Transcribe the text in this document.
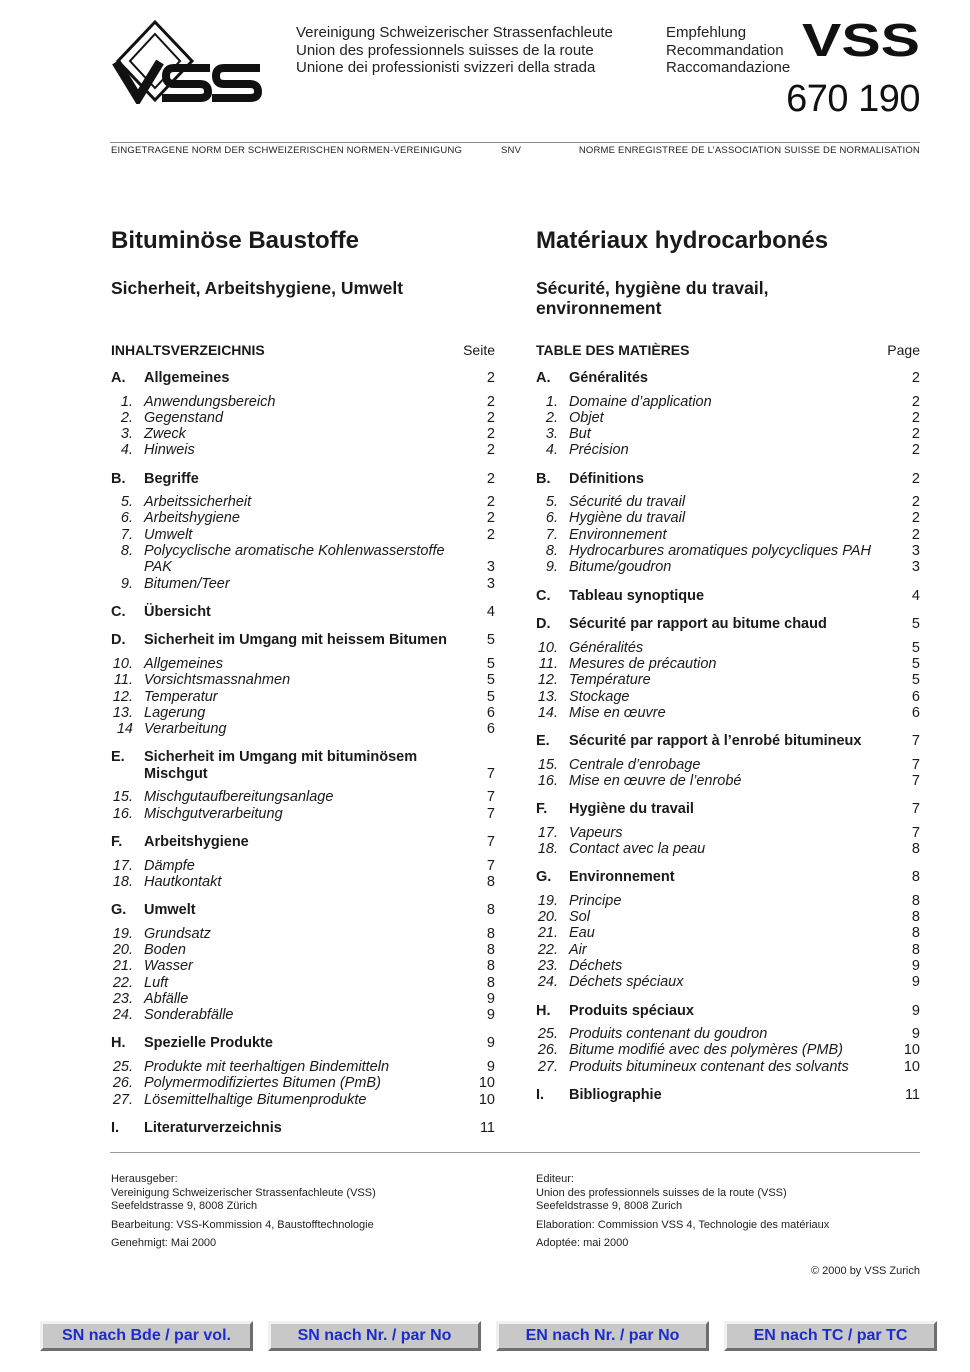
Vereinigung Schweizerischer Strassenfachleute
Union des professionnels suisses de la route
Unione dei professionisti svizzeri della strada
Empfehlung
Recommandation
Raccomandazione
VSS
670 190
EINGETRAGENE NORM DER SCHWEIZERISCHEN NORMEN-VEREINIGUNG	SNV	NORME ENREGISTREE DE L’ASSOCIATION SUISSE DE NORMALISATION
Bituminöse Baustoffe
Sicherheit, Arbeitshygiene, Umwelt
Matériaux hydrocarbonés
Sécurité, hygiène du travail,
environnement
INHALTSVERZEICHNIS	Seite	TABLE DES MATIÈRES	Page
A.	Allgemeines	2
1. Anwendungsbereich	2
2. Gegenstand	2
3. Zweck	2
4. Hinweis	2
B.	Begriffe	2
5. Arbeitssicherheit	2
6. Arbeitshygiene	2
7. Umwelt	2
8. Polycyclische aromatische Kohlenwasserstoffe PAK	3
9. Bitumen/Teer	3
C.	Übersicht	4
D.	Sicherheit im Umgang mit heissem Bitumen	5
10. Allgemeines	5
11. Vorsichtsmassnahmen	5
12. Temperatur	5
13. Lagerung	6
14 Verarbeitung	6
E.	Sicherheit im Umgang mit bituminösem Mischgut	7
15. Mischgutaufbereitungsanlage	7
16. Mischgutverarbeitung	7
F.	Arbeitshygiene	7
17. Dämpfe	7
18. Hautkontakt	8
G.	Umwelt	8
19. Grundsatz	8
20. Boden	8
21. Wasser	8
22. Luft	8
23. Abfälle	9
24. Sonderabfälle	9
H.	Spezielle Produkte	9
25. Produkte mit teerhaltigen Bindemitteln	9
26. Polymermodifiziertes Bitumen (PmB)	10
27. Lösemittelhaltige Bitumenprodukte	10
I.	Literaturverzeichnis	11
A.	Généralités	2
1. Domaine d’application	2
2. Objet	2
3. But	2
4. Précision	2
B.	Définitions	2
5. Sécurité du travail	2
6. Hygiène du travail	2
7. Environnement	2
8. Hydrocarbures aromatiques polycycliques PAH	3
9. Bitume/goudron	3
C.	Tableau synoptique	4
D.	Sécurité par rapport au bitume chaud	5
10. Généralités	5
11. Mesures de précaution	5
12. Température	5
13. Stockage	6
14. Mise en œuvre	6
E.	Sécurité par rapport à l’enrobé bitumineux	7
15. Centrale d’enrobage	7
16. Mise en œuvre de l’enrobé	7
F.	Hygiène du travail	7
17. Vapeurs	7
18. Contact avec la peau	8
G.	Environnement	8
19. Principe	8
20. Sol	8
21. Eau	8
22. Air	8
23. Déchets	9
24. Déchets spéciaux	9
H.	Produits spéciaux	9
25. Produits contenant du goudron	9
26. Bitume modifié avec des polymères (PMB)	10
27. Produits bitumineux contenant des solvants	10
I.	Bibliographie	11

Herausgeber:
Vereinigung Schweizerischer Strassenfachleute (VSS)
Seefeldstrasse 9, 8008 Zürich

Bearbeitung: VSS-Kommission 4, Baustofftechnologie

Genehmigt: Mai 2000

Editeur:
Union des professionnels suisses de la route (VSS)
Seefeldstrasse 9, 8008 Zurich

Elaboration: Commission VSS 4, Technologie des matériaux

Adoptée: mai 2000

© 2000 by VSS Zurich
SN nach Bde / par vol.	SN nach Nr. / par No	EN nach Nr. / par No	EN nach TC / par TC
